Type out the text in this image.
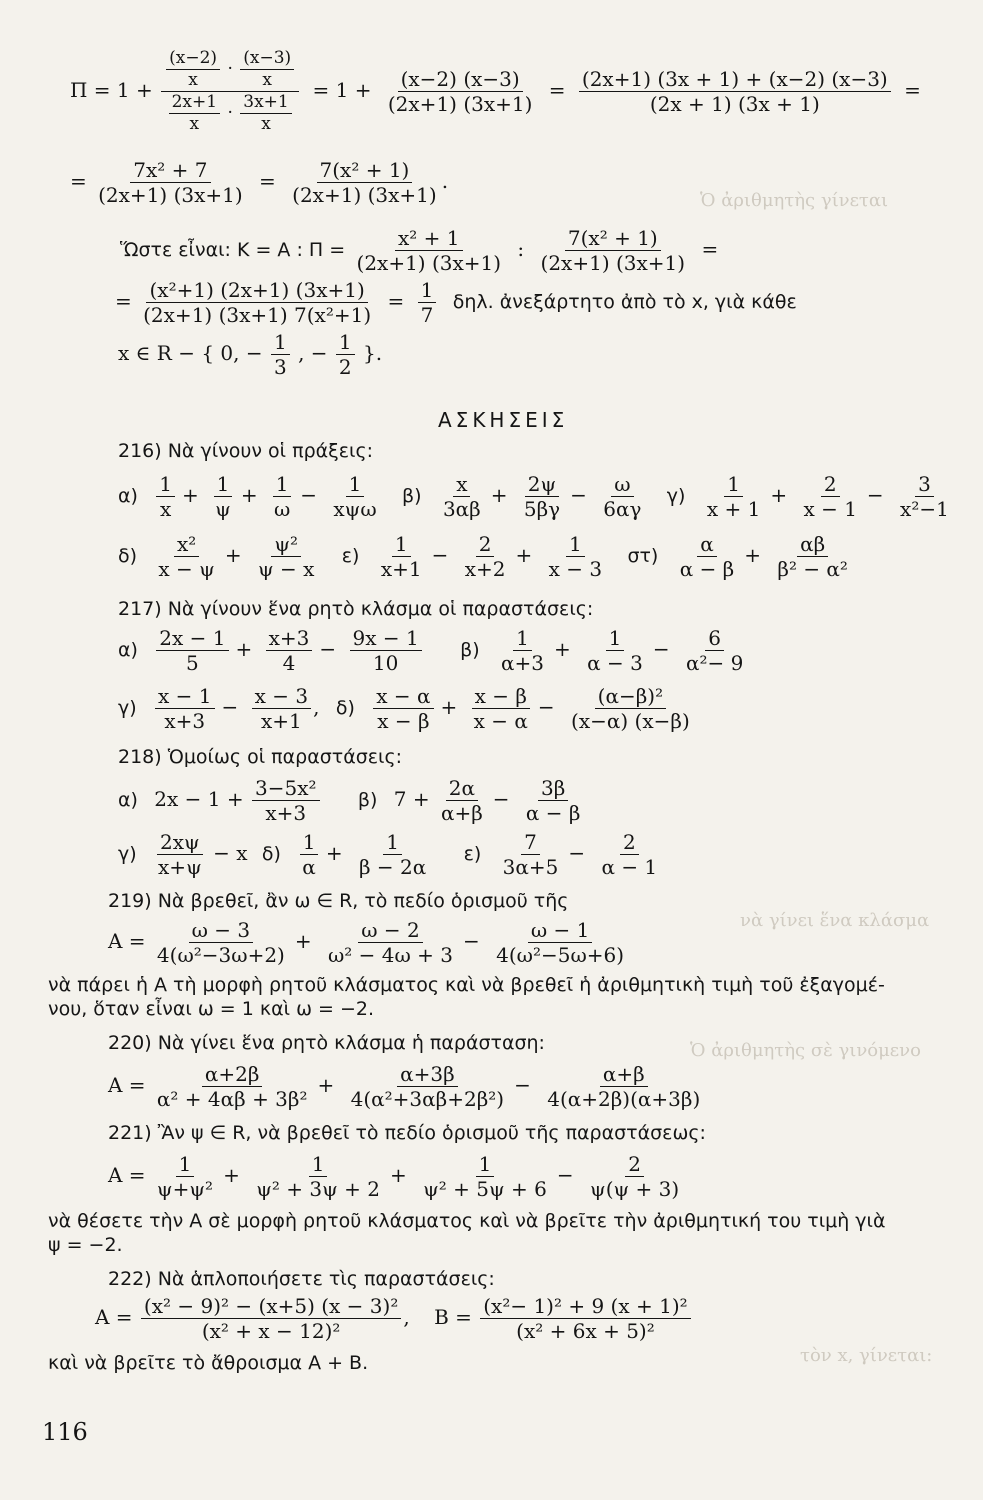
Ὁ ἀριθμητὴς γίνεται
νὰ γίνει ἕνα κλάσμα
Ὁ ἀριθμητὴς σὲ γινόμενο
τὸν x, γίνεται:
$\Pi = 1 + \frac{\frac{(x-2)}{x} \cdot \frac{(x-3)}{x}}{\frac{2x+1}{x} \cdot \frac{3x+1}{x}} = 1 + \frac{(x-2) (x-3)}{(2x+1) (3x+1)} = \frac{(2x+1) (3x + 1) + (x-2) (x-3)}{(2x + 1) (3x + 1)}$ =
= $\frac{\text{7x² + 7}}{(2x+1) (3x+1)} = \frac{\text{7(x² + 1)}}{(2x+1) (3x+1)}$ .
Ὥστε εἶναι: Κ = Α : $\Pi = \frac{\text{x² + 1}}{(2x+1) (3x+1)}$ : $\frac{\text{7(x² + 1)}}{(2x+1) (3x+1)}$ =
= $\frac{\text{(x²+1) (2x+1) (3x+1)}}{\text{(2x+1) (3x+1) 7(x²+1)}} = \frac{1}{7} \delta\eta\lambda$. ἀνεξάρτητο ἀπὸ τὸ x, γιὰ κάθε
x ∈ R − { 0, − $\frac{1}{3}$ , − $\frac{1}{2}$ }.
ΑΣΚΗΣΕΙΣ
216) Νὰ γίνουν οἱ πράξεις:
$\alpha) \frac{1}{x} + \frac{1}{\psi} + \frac{1}{\omega} - 1$
xψω
$\beta) \frac{x}{3\alpha\beta} + \frac{2\psi}{5\beta\gamma} - \frac{\omega}{6\alpha\gamma} \gamma) \frac{1}{x + 1} + \frac{2}{x - 1} - \frac{3}{\text{x²−1}}$
$\delta) \frac{\text{x²}}{x - \psi} + \frac{\text{ψ²}}{\psi - x} \varepsilon) \frac{1}{x+1} - \frac{2}{x+2} + \frac{1}{x - 3} \sigma\tau) \frac{\alpha}{\alpha - \beta} + \frac{\alpha\beta}{\text{β² − α²}}$
217) Νὰ γίνουν ἕνα ρητὸ κλάσμα οἱ παραστάσεις:
$\alpha) \frac{2x - 1}{5} + \frac{x+3}{4} - \frac{9x - 1}{10} \beta) \frac{1}{\alpha+3} + \frac{1}{\alpha - 3} - \frac{6}{\text{α²− 9}}$
$\gamma) \frac{x - 1}{x+3} - \frac{x - 3}{x+1}$ , $\delta) \frac{x - \alpha}{x - \beta} + \frac{x - \beta}{x - \alpha} - \frac{\text{(α−β)²}}{(x-\alpha) (x-\beta)}$
218) Ὁμοίως οἱ παραστάσεις:
α) $2x - 1 + \frac{\text{3−5x²}}{x+3} \beta$) $7 + \frac{2\alpha}{\alpha+\beta} - \frac{3\beta}{\alpha - \beta}$
$\gamma) \frac{2x\psi}{x+\psi} - x$ $\delta) \frac{1}{\alpha} + \frac{1}{\beta - 2\alpha} \varepsilon) \frac{7}{3\alpha+5} - \frac{2}{\alpha - 1}$
219) Νὰ βρεθεῖ, ἂν ω ∈ R, τὸ πεδίο ὁρισμοῦ τῆς
$A = \frac{\omega - 3}{\text{4(ω²−3ω+2)}} + \frac{\omega - 2}{\text{ω² − 4ω + 3}} - \frac{\omega - 1}{\text{4(ω²−5ω+6)}}$
νὰ πάρει ἡ Α τὴ μορφὴ ρητοῦ κλάσματος καὶ νὰ βρεθεῖ ἡ ἀριθμητικὴ τιμὴ τοῦ ἐξαγομέ-
νου, ὅταν εἶναι ω = 1 καὶ ω = −2.
220) Νὰ γίνει ἕνα ρητὸ κλάσμα ἡ παράσταση:
$A = \frac{\alpha+2\beta}{\text{α² + 4αβ + 3β²}} + \frac{\alpha+3\beta}{\text{4(α²+3αβ+2β²)}} - \frac{\alpha+\beta}{4(\alpha+2\beta)(\alpha+3\beta)}$
221) Ἂν ψ ∈ R, νὰ βρεθεῖ τὸ πεδίο ὁρισμοῦ τῆς παραστάσεως:
$A = \frac{1}{\text{ψ+ψ²}} + \frac{1}{\text{ψ² + 3ψ + 2}} + \frac{1}{\text{ψ² + 5ψ + 6}} - \frac{2}{\psi(\psi + 3)}$
νὰ θέσετε τὴν Α σὲ μορφὴ ρητοῦ κλάσματος καὶ νὰ βρεῖτε τὴν ἀριθμητική του τιμὴ γιὰ
ψ = −2.
222) Νὰ ἁπλοποιήσετε τὶς παραστάσεις:
$A = \frac{\text{(x² − 9)² − (x+5) (x − 3)²}}{\text{(x² + x − 12)²}}$ , $B = \frac{\text{(x²− 1)² + 9 (x + 1)²}}{\text{(x² + 6x + 5)²}}$
καὶ νὰ βρεῖτε τὸ ἄθροισμα Α + Β.
116
